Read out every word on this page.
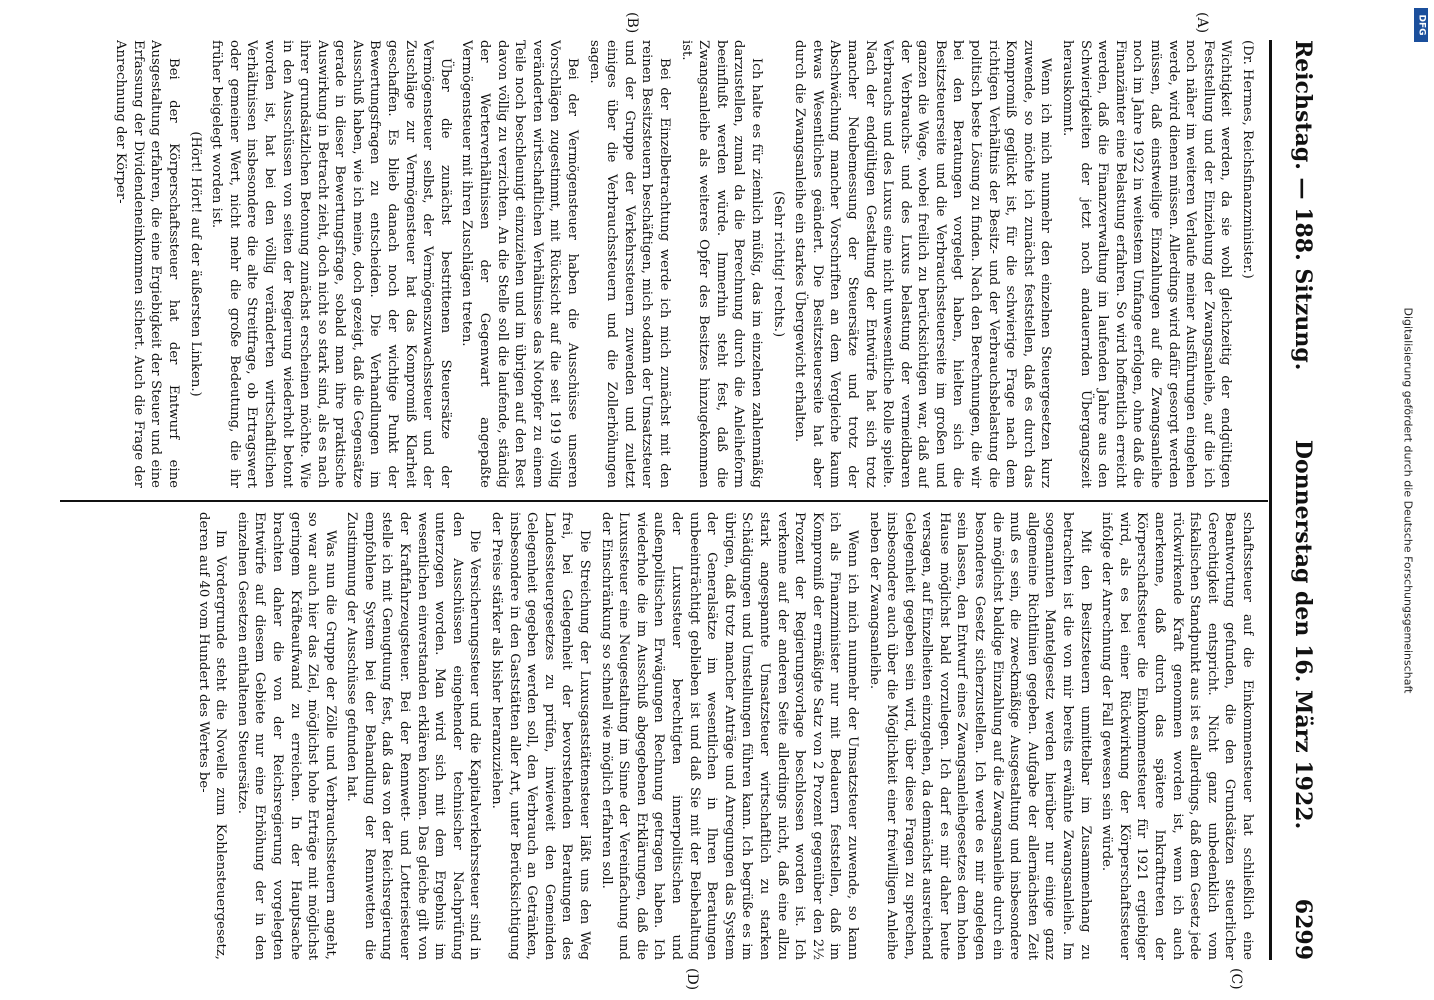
Reichstag. — 188. Sitzung.
Donnerstag den 16. März 1922.
6299
(A)
(B)
(C)
(D)

(Dr. Hermes, Reichsfinanzminister.)

Wichtigkeit werden, da sie wohl gleichzeitig der endgültigen Feststellung und der Einziehung der Zwangsanleihe, auf die ich noch näher im weiteren Verlaufe meiner Ausführungen eingehen werde, wird dienen müssen. Allerdings wird dafür gesorgt werden müssen, daß einstweilige Einzahlungen auf die Zwangsanleihe noch im Jahre 1922 in weitestem Umfange erfolgen, ohne daß die Finanzämter eine Belastung erfahren. So wird hoffentlich erreicht werden, daß die Finanzverwaltung im laufenden Jahre aus den Schwierigkeiten der jetzt noch andauernden Übergangszeit herauskommt.

Wenn ich mich nunmehr den einzelnen Steuergesetzen kurz zuwende, so möchte ich zunächst feststellen, daß es durch das Kompromiß geglückt ist, für die schwierige Frage nach dem richtigen Verhältnis der Besitz- und der Verbrauchsbelastung die politisch beste Lösung zu finden. Nach den Berechnungen, die wir bei den Beratungen vorgelegt haben, hielten sich die Besitzsteuerseite und die Verbrauchssteuerseite im großen und ganzen die Wage, wobei freilich zu berücksichtigen war, daß auf der Verbrauchs- und des Luxus belastung der vermeidbaren Verbrauchs und des Luxus eine nicht unwesentliche Rolle spielte. Nach der endgültigen Gestaltung der Entwürfe hat sich trotz mancher Neubemessung der Steuersätze und trotz der Abschwächung mancher Vorschriften an dem Vergleiche kaum etwas Wesentliches geändert. Die Besitzsteuerseite hat aber durch die Zwangsanleihe ein starkes Übergewicht erhalten.

(Sehr richtig! rechts.)

Ich halte es für ziemlich müßig, das im einzelnen zahlenmäßig darzustellen, zumal da die Berechnung durch die Anleiheform beeinflußt werden würde. Immerhin steht fest, daß die Zwangsanleihe als weiteres Opfer des Besitzes hinzugekommen ist.

Bei der Einzelbetrachtung werde ich mich zunächst mit den reinen Besitzsteuern beschäftigen, mich sodann der Umsatzsteuer und der Gruppe der Verkehrssteuern zuwenden und zuletzt einiges über die Verbrauchssteuern und die Zollerhöhungen sagen.

Bei der Vermögensteuer haben die Ausschüsse unseren Vorschlägen zugestimmt, mit Rücksicht auf die seit 1919 völlig veränderten wirtschaftlichen Verhältnisse das Notopfer zu einem Teile noch beschleunigt einzuziehen und im übrigen auf den Rest davon völlig zu verzichten. An die Stelle soll die laufende, ständig der Werterverhältnissen der Gegenwart angepaßte Vermögensteuer mit ihren Zuschlägen treten.

Über die zunächst bestrittenen Steuersätze der Vermögensteuer selbst, der Vermögenszuwachssteuer und der Zuschläge zur Vermögensteuer hat das Kompromiß Klarheit geschaffen. Es blieb danach noch der wichtige Punkt der Bewertungsfragen zu entscheiden. Die Verhandlungen im Ausschuß haben, wie ich meine, doch gezeigt, daß die Gegensätze gerade in dieser Bewertungsfrage, sobald man ihre praktische Auswirkung in Betracht zieht, doch nicht so stark sind, als es nach ihrer grundsätzlichen Betonung zunächst erscheinen möchte. Wie in den Ausschüssen von seiten der Regierung wiederholt betont worden ist, hat bei den völlig veränderten wirtschaftlichen Verhältnissen insbesondere die alte Streitfrage, ob Ertragswert oder gemeiner Wert, nicht mehr die große Bedeutung, die ihr früher beigelegt worden ist.

(Hört! Hört! auf der äußersten Linken.)

Bei der Körperschaftssteuer hat der Entwurf eine Ausgestaltung erfahren, die eine Ergiebigkeit der Steuer und eine Erfassung der Dividendeneinkommen sichert. Auch die Frage der Anrechnung der Körper-

schaftssteuer auf die Einkommensteuer hat schließlich eine Beantwortung gefunden, die den Grundsätzen steuerlicher Gerechtigkeit entspricht. Nicht ganz unbedenklich vom fiskalischen Standpunkt aus ist es allerdings, daß dem Gesetz jede rückwirkende Kraft genommen worden ist, wenn ich auch anerkenne, daß durch das spätere Inkrafttreten der Körperschaftssteuer die Einkommensteuer für 1921 ergiebiger wird, als es bei einer Rückwirkung der Körperschaftssteuer infolge der Anrechnung der Fall gewesen sein würde.

Mit den Besitzsteuern unmittelbar im Zusammenhang zu betrachten ist die von mir bereits erwähnte Zwangsanleihe. Im sogenannten Mantelgesetz werden hierüber nur einige ganz allgemeine Richtlinien gegeben. Aufgabe der allernächsten Zeit muß es sein, die zweckmäßige Ausgestaltung und insbesondere die möglichst baldige Einzahlung auf die Zwangsanleihe durch ein besonderes Gesetz sicherzustellen. Ich werde es mir angelegen sein lassen, den Entwurf eines Zwangsanleihegesetzes dem hohen Hause möglichst bald vorzulegen. Ich darf es mir daher heute versagen, auf Einzelheiten einzugehen, da demnächst ausreichend Gelegenheit gegeben sein wird, über diese Fragen zu sprechen, insbesondere auch über die Möglichkeit einer freiwilligen Anleihe neben der Zwangsanleihe.

Wenn ich mich nunmehr der Umsatzsteuer zuwende, so kann ich als Finanzminister nur mit Bedauern feststellen, daß im Kompromiß der ermäßigte Satz von 2 Prozent gegenüber den 2½ Prozent der Regierungsvorlage beschlossen worden ist. Ich verkenne auf der anderen Seite allerdings nicht, daß eine allzu stark angespannte Umsatzsteuer wirtschaftlich zu starken Schädigungen und Umstellungen führen kann. Ich begrüße es im übrigen, daß trotz mancher Anträge und Anregungen das System der Generalsätze im wesentlichen in Ihren Beratungen unbeeinträchtigt geblieben ist und daß Sie mit der Beibehaltung der Luxussteuer berechtigten innerpolitischen und außenpolitischen Erwägungen Rechnung getragen haben. Ich wiederhole die im Ausschuß abgegebenen Erklärungen, daß die Luxussteuer eine Neugestaltung im Sinne der Vereinfachung und der Einschränkung so schnell wie möglich erfahren soll.

Die Streichung der Luxusgaststättensteuer läßt uns den Weg frei, bei Gelegenheit der bevorstehenden Beratungen des Landessteuergesetzes zu prüfen, inwieweit den Gemeinden Gelegenheit gegeben werden soll, den Verbrauch an Getränken, insbesondere in den Gaststätten aller Art, unter Berücksichtigung der Preise stärker als bisher heranzuziehen.

Die Versicherungssteuer und die Kapitalverkehrssteuer sind in den Ausschüssen eingehender technischer Nachprüfung unterzogen worden. Man wird sich mit dem Ergebnis im wesentlichen einverstanden erklären können. Das gleiche gilt von der Kraftfahrzeugsteuer. Bei der Rennwett- und Lotteriesteuer stelle ich mit Genugtuung fest, daß das von der Reichsregierung empfohlene System bei der Behandlung der Rennwetten die Zustimmung der Ausschüsse gefunden hat.

Was nun die Gruppe der Zölle und Verbrauchssteuern angeht, so war auch hier das Ziel, möglichst hohe Erträge mit möglichst geringem Kräfteaufwand zu erreichen. In der Hauptsache brachten daher die von der Reichsregierung vorgelegten Entwürfe auf diesem Gebiete nur eine Erhöhung der in den einzelnen Gesetzen enthaltenen Steuersätze.

Im Vordergrunde steht die Novelle zum Kohlensteuergesetz, deren auf 40 vom Hundert des Wertes be-	Digitalisierung gefördert durch die Deutsche Forschungsgemeinschaft
DFG
